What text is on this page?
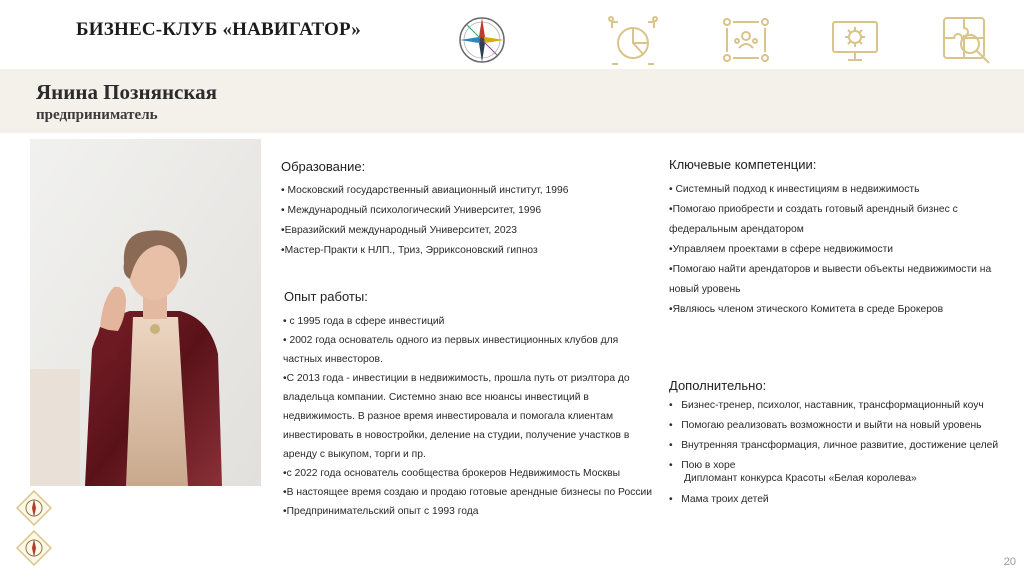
БИЗНЕС-КЛУБ «НАВИГАТОР»
Янина Познянская
предприниматель
Образование:
• Московский государственный авиационный институт, 1996
• Международный психологический Университет, 1996
•Евразийский международный Университет, 2023
•Мастер-Практи к НЛП., Триз, Эрриксоновский гипноз
Опыт работы:
• с 1995 года в сфере инвестиций
• 2002 года основатель одного из первых инвестиционных клубов для частных инвесторов.
•С 2013 года - инвестиции в недвижимость, прошла путь от риэлтора до владельца компании. Системно знаю все нюансы инвестиций в недвижимость. В разное время инвестировала и помогала клиентам инвестировать в новостройки, деление на студии, получение участков в аренду с выкупом, торги и пр.
•с 2022 года основатель сообщества брокеров Недвижимость Москвы
•В настоящее время создаю и продаю готовые арендные бизнесы по России
•Предпринимательский опыт с 1993 года
Ключевые компетенции:
• Системный подход к инвестициям в недвижимость
•Помогаю приобрести и создать готовый арендный бизнес с федеральным арендатором
•Управляем проектами в сфере недвижимости
•Помогаю найти арендаторов и вывести объекты недвижимости на новый уровень
•Являюсь членом этического Комитета в среде Брокеров
Дополнительно:
•   Бизнес-тренер, психолог, наставник, трансформационный коуч
•   Помогаю реализовать возможности и выйти на новый уровень
•   Внутренняя трансформация, личное развитие, достижение целей
•   Пою в хоре
Дипломант конкурса Красоты «Белая королева»
•   Мама троих детей
20
